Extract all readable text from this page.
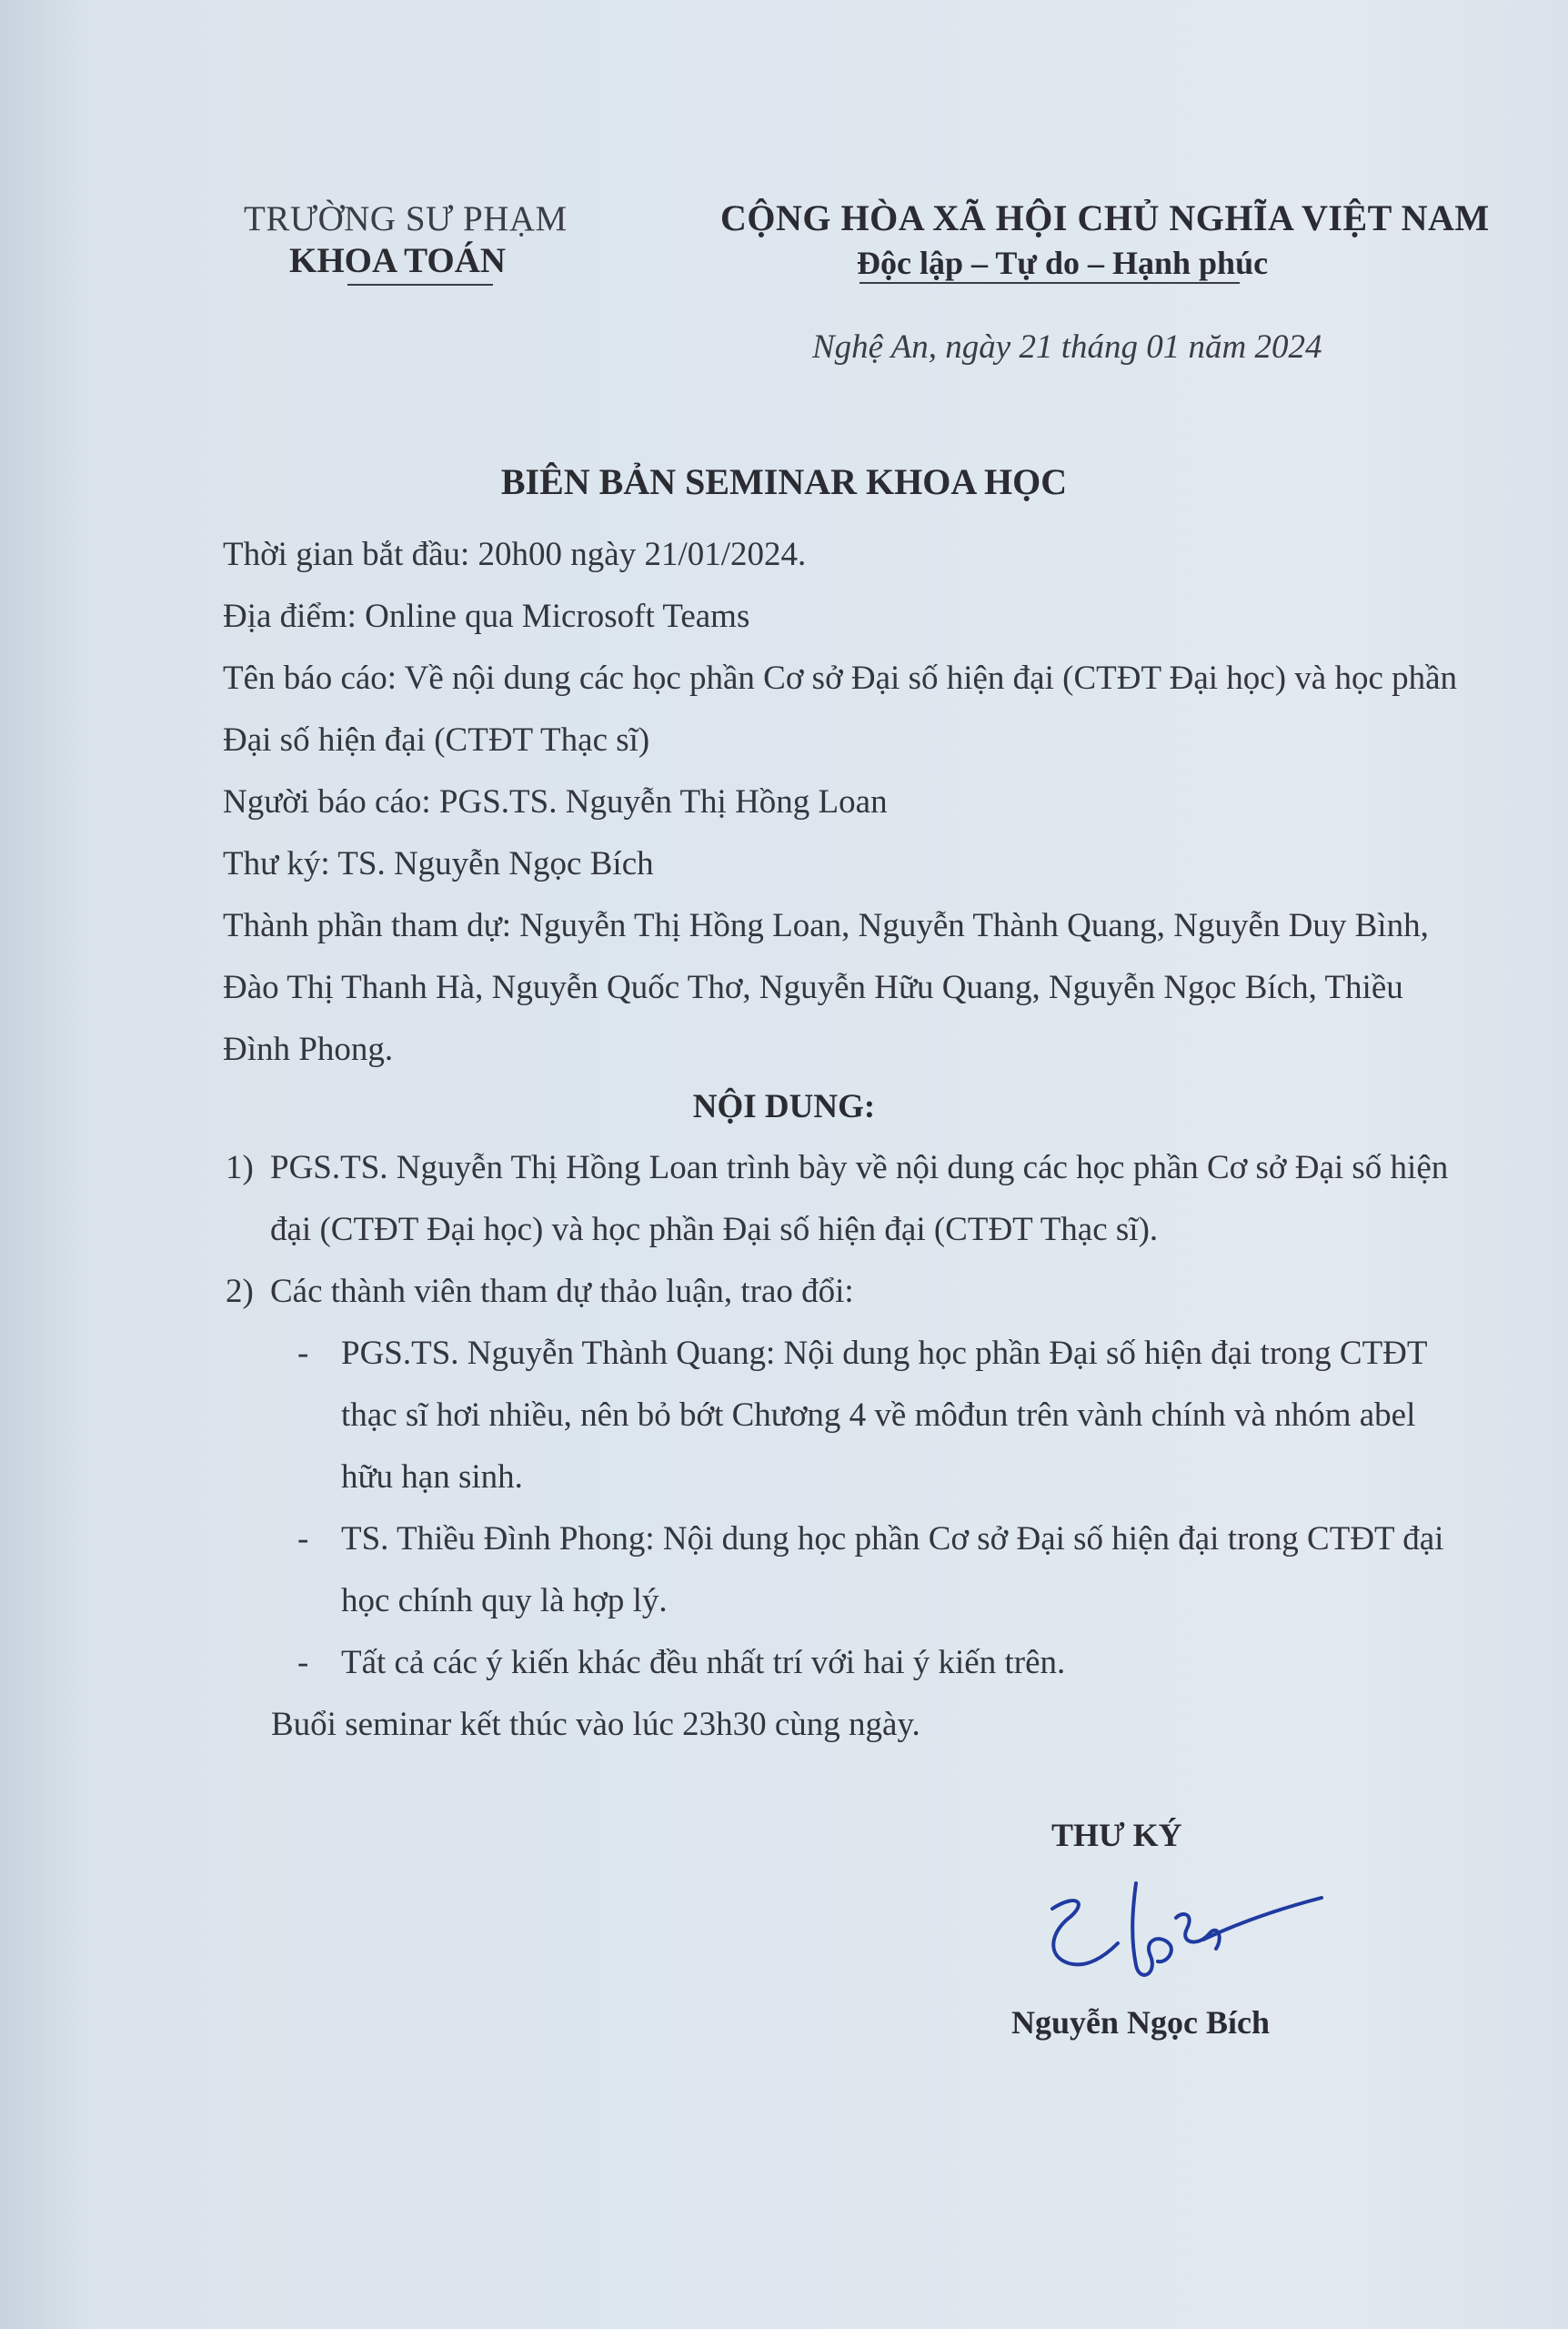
TRƯỜNG SƯ PHẠM
KHOA TOÁN
CỘNG HÒA XÃ HỘI CHỦ NGHĨA VIỆT NAM
Độc lập – Tự do – Hạnh phúc
Nghệ An, ngày 21 tháng 01 năm 2024
BIÊN BẢN SEMINAR KHOA HỌC
Thời gian bắt đầu: 20h00 ngày 21/01/2024.
Địa điểm: Online qua Microsoft Teams
Tên báo cáo: Về nội dung các học phần Cơ sở Đại số hiện đại (CTĐT Đại học) và học phần
Đại số hiện đại (CTĐT Thạc sĩ)
Người báo cáo: PGS.TS. Nguyễn Thị Hồng Loan
Thư ký: TS. Nguyễn Ngọc Bích
Thành phần tham dự: Nguyễn Thị Hồng Loan, Nguyễn Thành Quang, Nguyễn Duy Bình,
Đào Thị Thanh Hà, Nguyễn Quốc Thơ, Nguyễn Hữu Quang, Nguyễn Ngọc Bích, Thiều
Đình Phong.
NỘI DUNG:
1) PGS.TS. Nguyễn Thị Hồng Loan trình bày về nội dung các học phần Cơ sở Đại số hiện
đại (CTĐT Đại học) và học phần Đại số hiện đại (CTĐT Thạc sĩ).
2) Các thành viên tham dự thảo luận, trao đổi:
- PGS.TS. Nguyễn Thành Quang: Nội dung học phần Đại số hiện đại trong CTĐT
thạc sĩ hơi nhiều, nên bỏ bớt Chương 4 về môđun trên vành chính và nhóm abel
hữu hạn sinh.
- TS. Thiều Đình Phong: Nội dung học phần Cơ sở Đại số hiện đại trong CTĐT đại
học chính quy là hợp lý.
- Tất cả các ý kiến khác đều nhất trí với hai ý kiến trên.
Buổi seminar kết thúc vào lúc 23h30 cùng ngày.
THƯ KÝ
Nguyễn Ngọc Bích
